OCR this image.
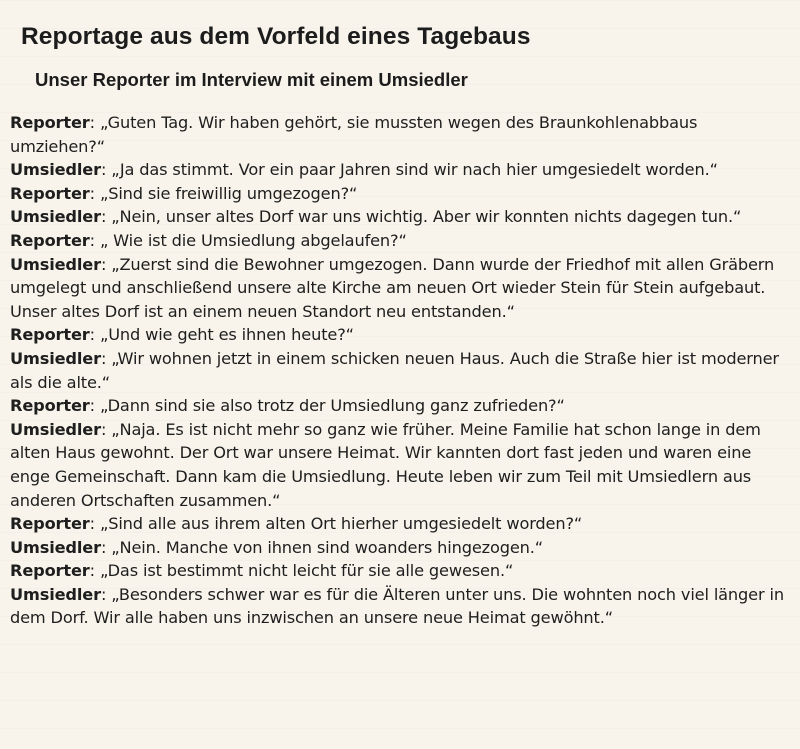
Reportage aus dem Vorfeld eines Tagebaus
Unser Reporter im Interview mit einem Umsiedler

Reporter: „Guten Tag. Wir haben gehört, sie mussten wegen des Braunkohlenabbaus umziehen?“

Umsiedler: „Ja das stimmt. Vor ein paar Jahren sind wir nach hier umgesiedelt worden.“

Reporter: „Sind sie freiwillig umgezogen?“

Umsiedler: „Nein, unser altes Dorf war uns wichtig. Aber wir konnten nichts dagegen tun.“

Reporter: „ Wie ist die Umsiedlung abgelaufen?“

Umsiedler: „Zuerst sind die Bewohner umgezogen. Dann wurde der Friedhof mit allen Gräbern umgelegt und anschließend unsere alte Kirche am neuen Ort wieder Stein für Stein aufgebaut. Unser altes Dorf ist an einem neuen Standort neu entstanden.“

Reporter: „Und wie geht es ihnen heute?“

Umsiedler: „Wir wohnen jetzt in einem schicken neuen Haus. Auch die Straße hier ist moderner als die alte.“

Reporter: „Dann sind sie also trotz der Umsiedlung ganz zufrieden?“

Umsiedler: „Naja. Es ist nicht mehr so ganz wie früher. Meine Familie hat schon lange in dem alten Haus gewohnt. Der Ort war unsere Heimat. Wir kannten dort fast jeden und waren eine enge Gemeinschaft. Dann kam die Umsiedlung. Heute leben wir zum Teil mit Umsiedlern aus anderen Ortschaften zusammen.“

Reporter: „Sind alle aus ihrem alten Ort hierher umgesiedelt worden?“

Umsiedler: „Nein. Manche von ihnen sind woanders hingezogen.“

Reporter: „Das ist bestimmt nicht leicht für sie alle gewesen.“

Umsiedler: „Besonders schwer war es für die Älteren unter uns. Die wohnten noch viel länger in dem Dorf. Wir alle haben uns inzwischen an unsere neue Heimat gewöhnt.“
